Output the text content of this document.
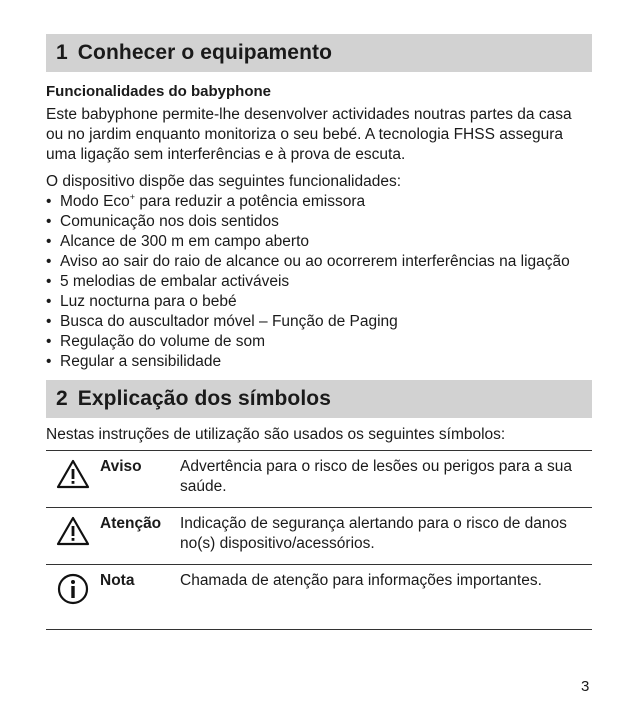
1 Conhecer o equipamento
Funcionalidades do babyphone
Este babyphone permite-lhe desenvolver actividades noutras partes da casa ou no jardim enquanto monitoriza o seu bebé. A tecnologia FHSS assegura uma ligação sem interferências e à prova de escuta.
O dispositivo dispõe das seguintes funcionalidades:
• Modo Eco+ para reduzir a potência emissora
• Comunicação nos dois sentidos
• Alcance de 300 m em campo aberto
• Aviso ao sair do raio de alcance ou ao ocorrerem interferências na ligação
• 5 melodias de embalar activáveis
• Luz nocturna para o bebé
• Busca do auscultador móvel – Função de Paging
• Regulação do volume de som
• Regular a sensibilidade
2 Explicação dos símbolos
Nestas instruções de utilização são usados os seguintes símbolos:
	Aviso	Advertência para o risco de lesões ou perigos para a sua saúde.

	Atenção	Indicação de segurança alertando para o risco de danos no(s) dispositivo/acessórios.

	Nota	Chamada de atenção para informações importantes.
3
